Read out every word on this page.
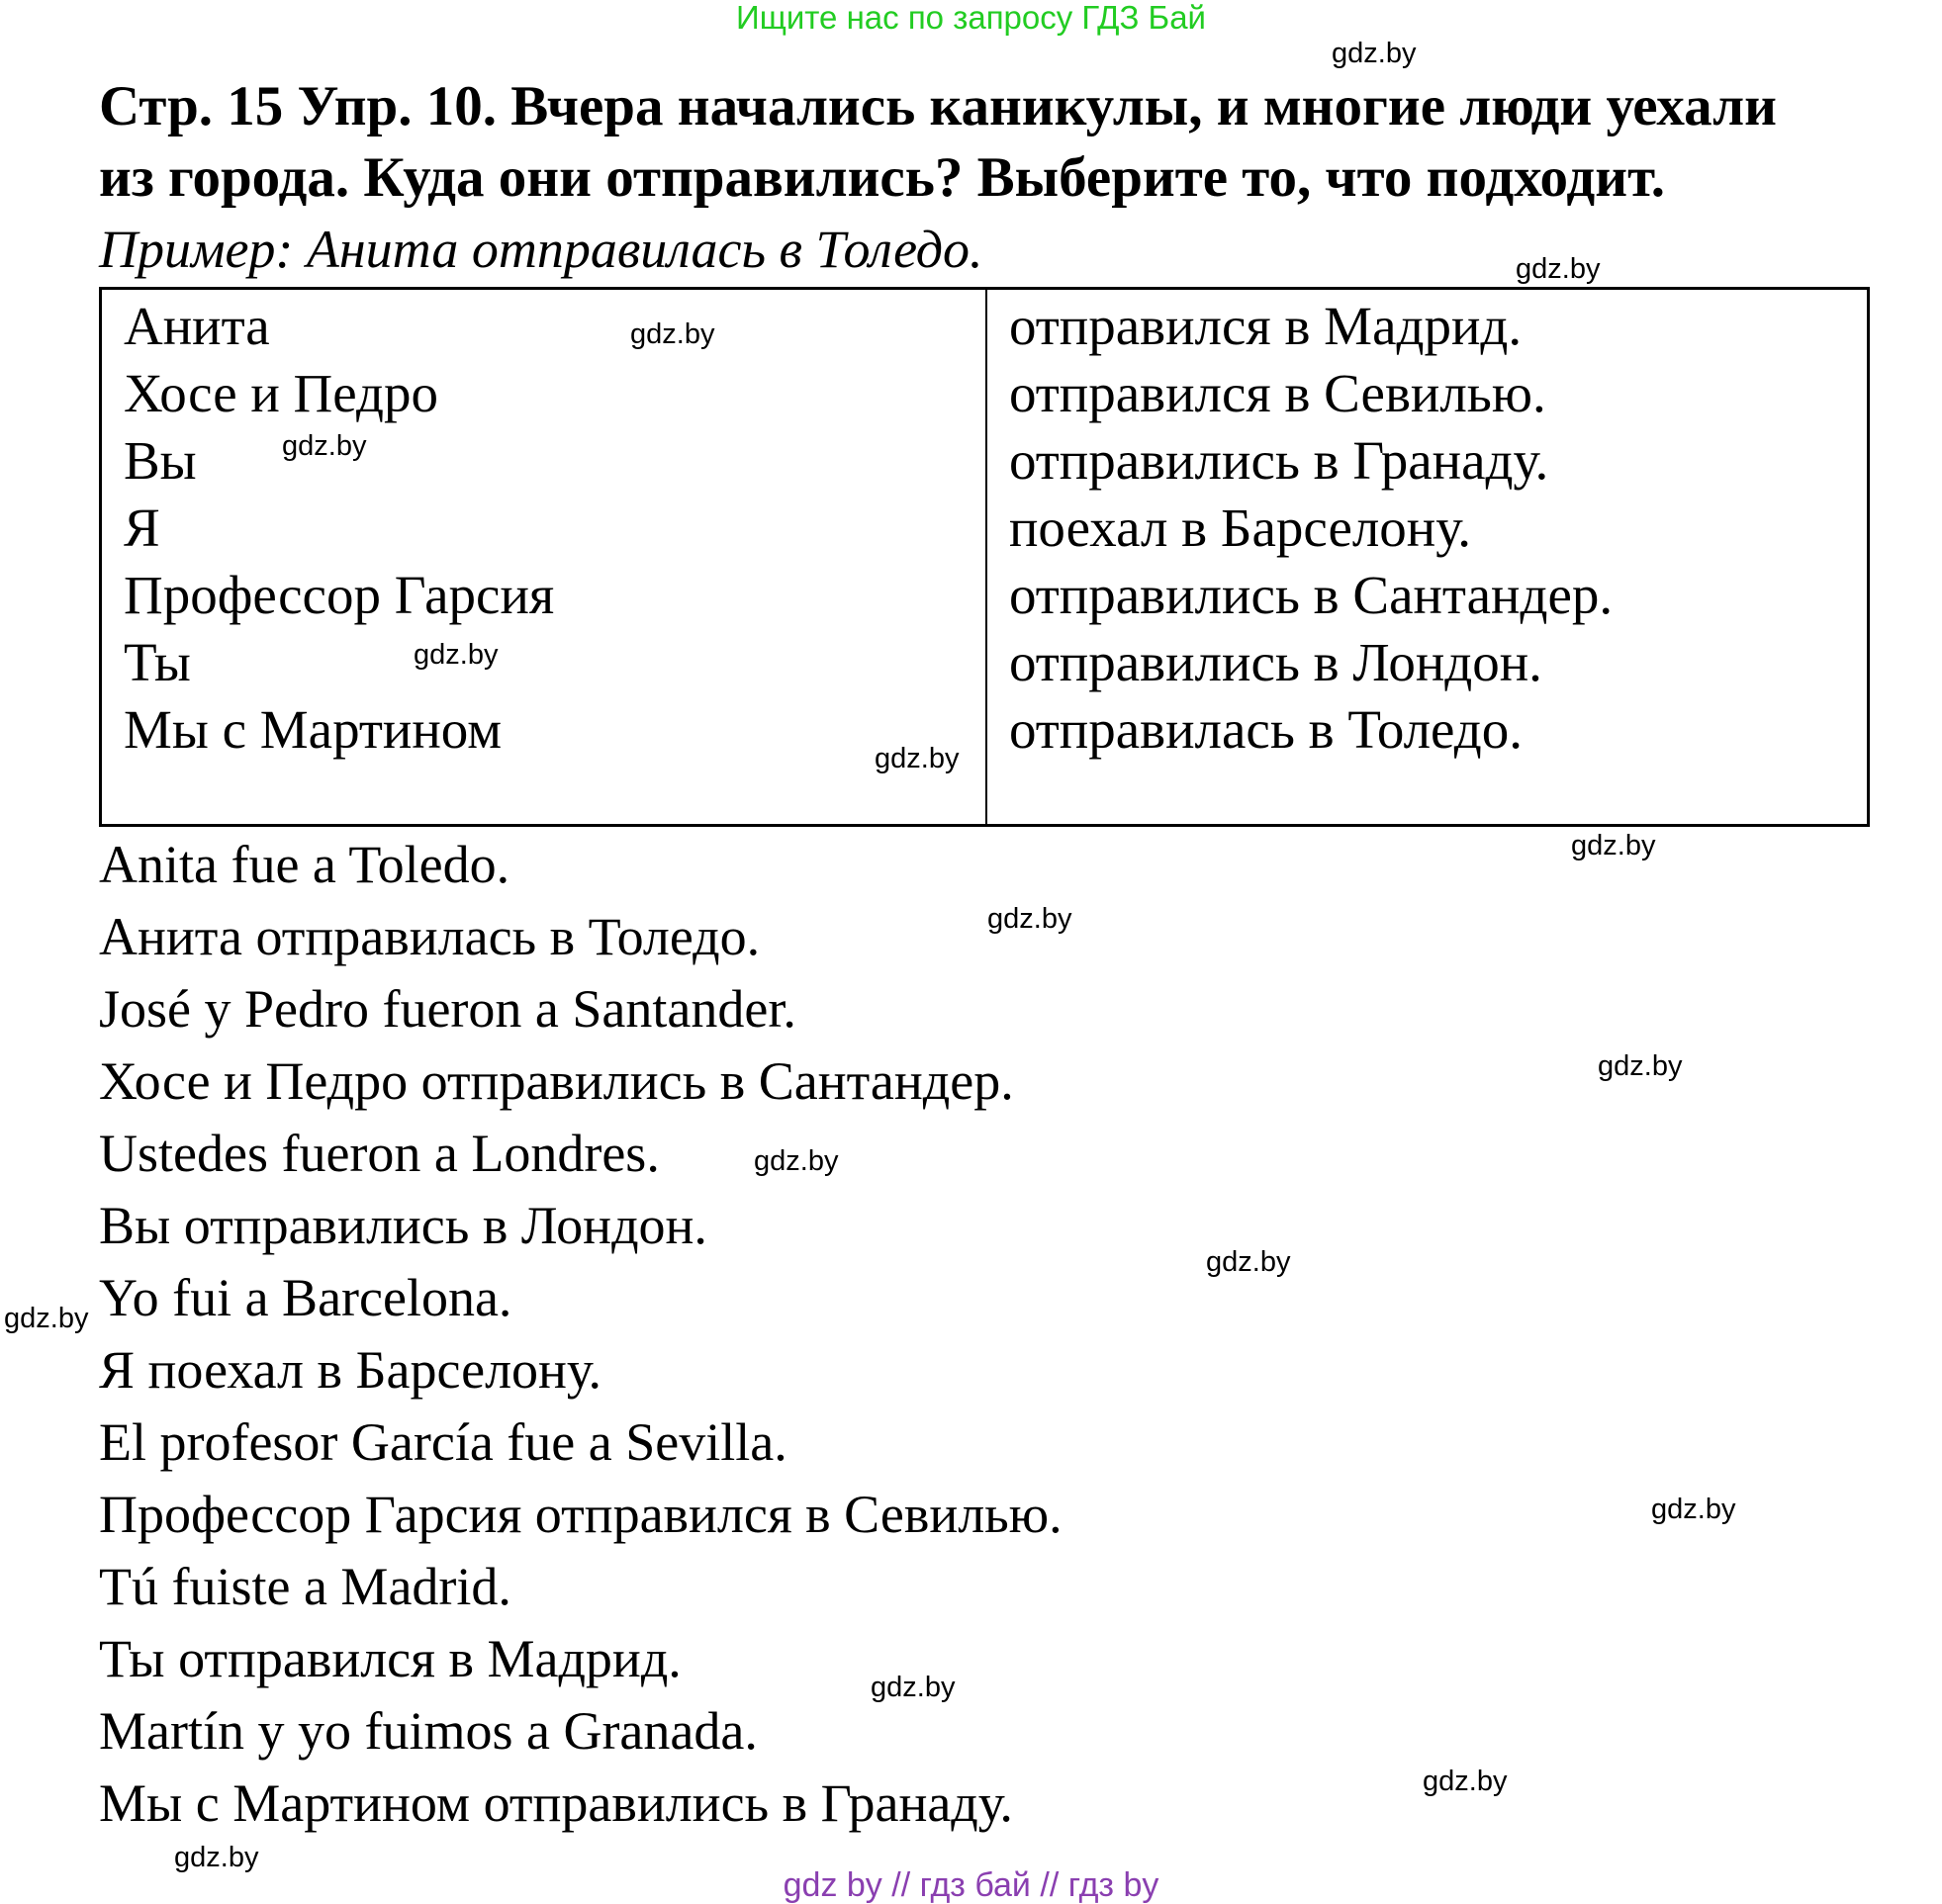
Ищите нас по запросу ГДЗ Бай
Стр. 15 Упр. 10. Вчера начались каникулы, и многие люди уехали
из города. Куда они отправились? Выберите то, что подходит.
Пример: Анита отправилась в Толедо.
Анита
Хосе и Педро
Вы
Я
Профессор Гарсия
Ты
Мы с Мартином
отправился в Мадрид.
отправился в Севилью.
отправились в Гранаду.
поехал в Барселону.
отправились в Сантандер.
отправились в Лондон.
отправилась в Толедо.
Anita fue a Toledo.
Анита отправилась в Толедо.
José y Pedro fueron a Santander.
Хосе и Педро отправились в Сантандер.
Ustedes fueron a Londres.
Вы отправились в Лондон.
Yo fui a Barcelona.
Я поехал в Барселону.
El profesor García fue a Sevilla.
Профессор Гарсия отправился в Севилью.
Tú fuiste a Madrid.
Ты отправился в Мадрид.
Martín y yo fuimos a Granada.
Мы с Мартином отправились в Гранаду.
gdz.by
gdz.by
gdz.by
gdz.by
gdz.by
gdz.by
gdz.by
gdz.by
gdz.by
gdz.by
gdz.by
gdz.by
gdz.by
gdz.by
gdz.by
gdz.by
gdz by // гдз бай // гдз by
